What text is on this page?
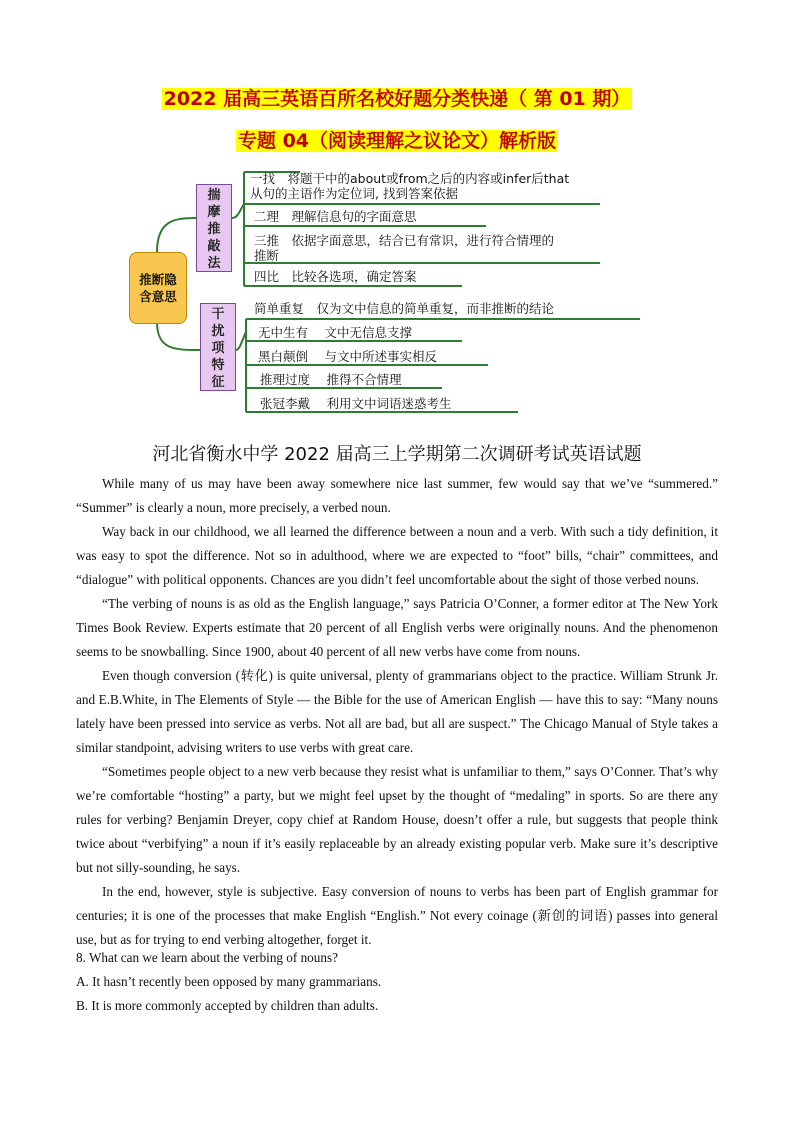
2022 届高三英语百所名校好题分类快递（ 第 01 期）
专题 04（阅读理解之议论文）解析版
推断隐含意思
揣摩推敲法
干扰项特征
一找　将题干中的about或from之后的内容或infer后that
从句的主语作为定位词, 找到答案依据
二理　理解信息句的字面意思
三推　依据字面意思，结合已有常识，进行符合情理的
推断
四比　比较各选项，确定答案
简单重复　仅为文中信息的简单重复，而非推断的结论
无中生有　 文中无信息支撑
黑白颠倒　 与文中所述事实相反
推理过度　 推得不合情理
张冠李戴　 利用文中词语迷惑考生
河北省衡水中学 2022 届高三上学期第二次调研考试英语试题

While many of us may have been away somewhere nice last summer, few would say that we’ve “summered.” “Summer” is clearly a noun, more precisely, a verbed noun.

Way back in our childhood, we all learned the difference between a noun and a verb. With such a tidy definition, it was easy to spot the difference. Not so in adulthood, where we are expected to “foot” bills, “chair” committees, and “dialogue” with political opponents. Chances are you didn’t feel uncomfortable about the sight of those verbed nouns.

“The verbing of nouns is as old as the English language,” says Patricia O’Conner, a former editor at The New York Times Book Review. Experts estimate that 20 percent of all English verbs were originally nouns. And the phenomenon seems to be snowballing. Since 1900, about 40 percent of all new verbs have come from nouns.

Even though conversion (转化) is quite universal, plenty of grammarians object to the practice. William Strunk Jr. and E.B.White, in The Elements of Style — the Bible for the use of American English — have this to say: “Many nouns lately have been pressed into service as verbs. Not all are bad, but all are suspect.” The Chicago Manual of Style takes a similar standpoint, advising writers to use verbs with great care.

“Sometimes people object to a new verb because they resist what is unfamiliar to them,” says O’Conner. That’s why we’re comfortable “hosting” a party, but we might feel upset by the thought of “medaling” in sports. So are there any rules for verbing? Benjamin Dreyer, copy chief at Random House, doesn’t offer a rule, but suggests that people think twice about “verbifying” a noun if it’s easily replaceable by an already existing popular verb. Make sure it’s descriptive but not silly-sounding, he says.

In the end, however, style is subjective. Easy conversion of nouns to verbs has been part of English grammar for centuries; it is one of the processes that make English “English.” Not every coinage (新创的词语) passes into general use, but as for trying to end verbing altogether, forget it.

8. What can we learn about the verbing of nouns?
A. It hasn’t recently been opposed by many grammarians.
B. It is more commonly accepted by children than adults.
